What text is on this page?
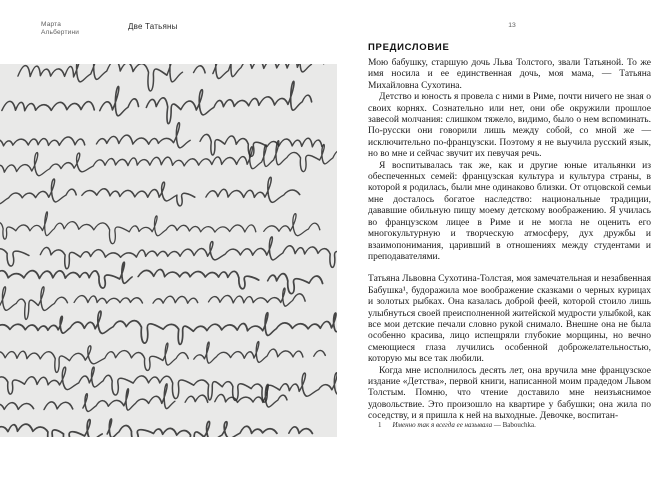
Марта
Альбертини
Две Татьяны	13
ПРЕДИСЛОВИЕ

Мою бабушку, старшую дочь Льва Толстого, звали Татьяной. То же имя носила и ее единственная дочь, моя мама, — Татьяна Михайловна Сухотина.

Детство и юность я провела с ними в Риме, почти ничего не зная о своих корнях. Сознательно или нет, они обе окружили прошлое завесой молчания: слишком тяжело, видимо, было о нем вспоминать. По-русски они говорили лишь между собой, со мной же — исключительно по-французски. Поэтому я не выучила русский язык, но во мне и сейчас звучит их певучая речь.

Я воспитывалась так же, как и другие юные итальянки из обеспеченных семей: французская культура и культура страны, в которой я родилась, были мне одинаково близки. От отцовской семьи мне досталось богатое наследство: национальные традиции, дававшие обильную пищу моему детскому воображению. Я училась во французском лицее в Риме и не могла не оценить его многокультурную и творческую атмосферу, дух дружбы и взаимопонимания, царивший в отношениях между студентами и преподавателями.

Татьяна Львовна Сухотина-Толстая, моя замечательная и незабвенная Бабушка¹, будоражила мое воображение сказками о черных курицах и золотых рыбках. Она казалась доброй феей, которой стоило лишь улыбнуться своей преисполненной житейской мудрости улыбкой, как все мои детские печали словно рукой снимало. Внешне она не была особенно красива, лицо испещряли глубокие морщины, но вечно смеющиеся глаза лучились особенной доброжелательностью, которую мы все так любили.

Когда мне исполнилось десять лет, она вручила мне французское издание «Детства», первой книги, написанной моим прадедом Львом Толстым. Помню, что чтение доставило мне неизъяснимое удовольствие. Это произошло на квартире у бабушки; она жила по соседству, и я пришла к ней на выходные. Девочке, воспитан-

1 Именно так я всегда ее называла — Babouchka.
